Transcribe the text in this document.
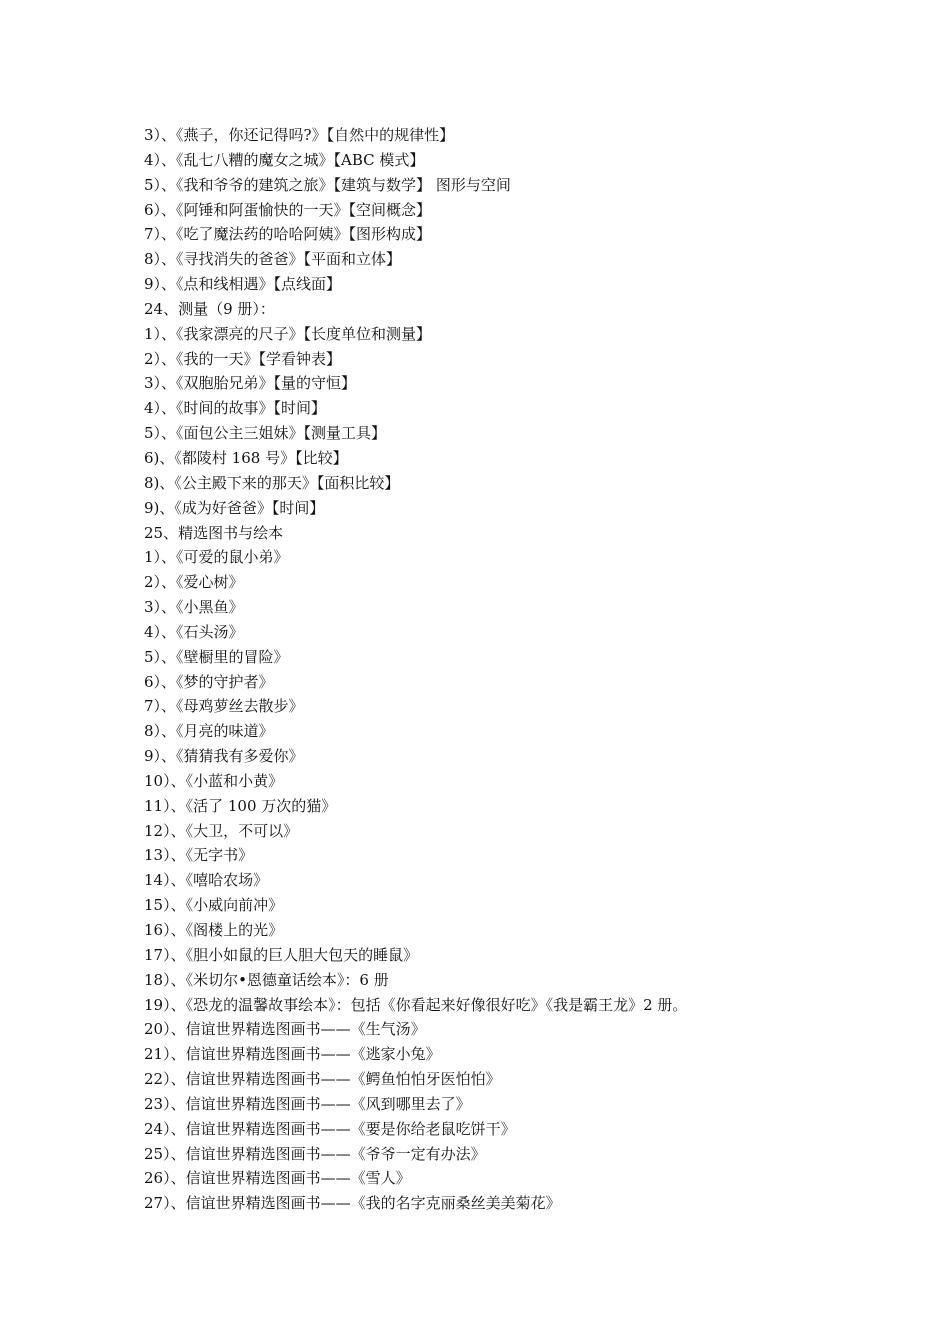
3）、《燕子，你还记得吗?》【自然中的规律性】
4）、《乱七八糟的魔女之城》【ABC 模式】
5）、《我和爷爷的建筑之旅》【建筑与数学】 图形与空间
6）、《阿锤和阿蛋愉快的一天》【空间概念】
7）、《吃了魔法药的哈哈阿姨》【图形构成】
8）、《寻找消失的爸爸》【平面和立体】
9）、《点和线相遇》【点线面】
24、测量（9 册）：
1）、《我家漂亮的尺子》【长度单位和测量】
2）、《我的一天》【学看钟表】
3）、《双胞胎兄弟》【量的守恒】
4）、《时间的故事》【时间】
5）、《面包公主三姐妹》【测量工具】
6)、《都陵村 168 号》【比较】
8)、《公主殿下来的那天》【面积比较】
9)、《成为好爸爸》【时间】
25、精选图书与绘本
1）、《可爱的鼠小弟》
2）、《爱心树》
3）、《小黑鱼》
4）、《石头汤》
5）、《壁橱里的冒险》
6）、《梦的守护者》
7）、《母鸡萝丝去散步》
8）、《月亮的味道》
9）、《猜猜我有多爱你》
10）、《小蓝和小黄》
11）、《活了 100 万次的猫》
12）、《大卫，不可以》
13）、《无字书》
14）、《嘻哈农场》
15）、《小威向前冲》
16）、《阁楼上的光》
17）、《胆小如鼠的巨人胆大包天的睡鼠》
18）、《米切尔•恩德童话绘本》：6 册
19）、《恐龙的温馨故事绘本》：包括《你看起来好像很好吃》《我是霸王龙》2 册。
20）、信谊世界精选图画书——《生气汤》
21）、信谊世界精选图画书——《逃家小兔》
22）、信谊世界精选图画书——《鳄鱼怕怕牙医怕怕》
23）、信谊世界精选图画书——《风到哪里去了》
24）、信谊世界精选图画书——《要是你给老鼠吃饼干》
25）、信谊世界精选图画书——《爷爷一定有办法》
26）、信谊世界精选图画书——《雪人》
27）、信谊世界精选图画书——《我的名字克丽桑丝美美菊花》
